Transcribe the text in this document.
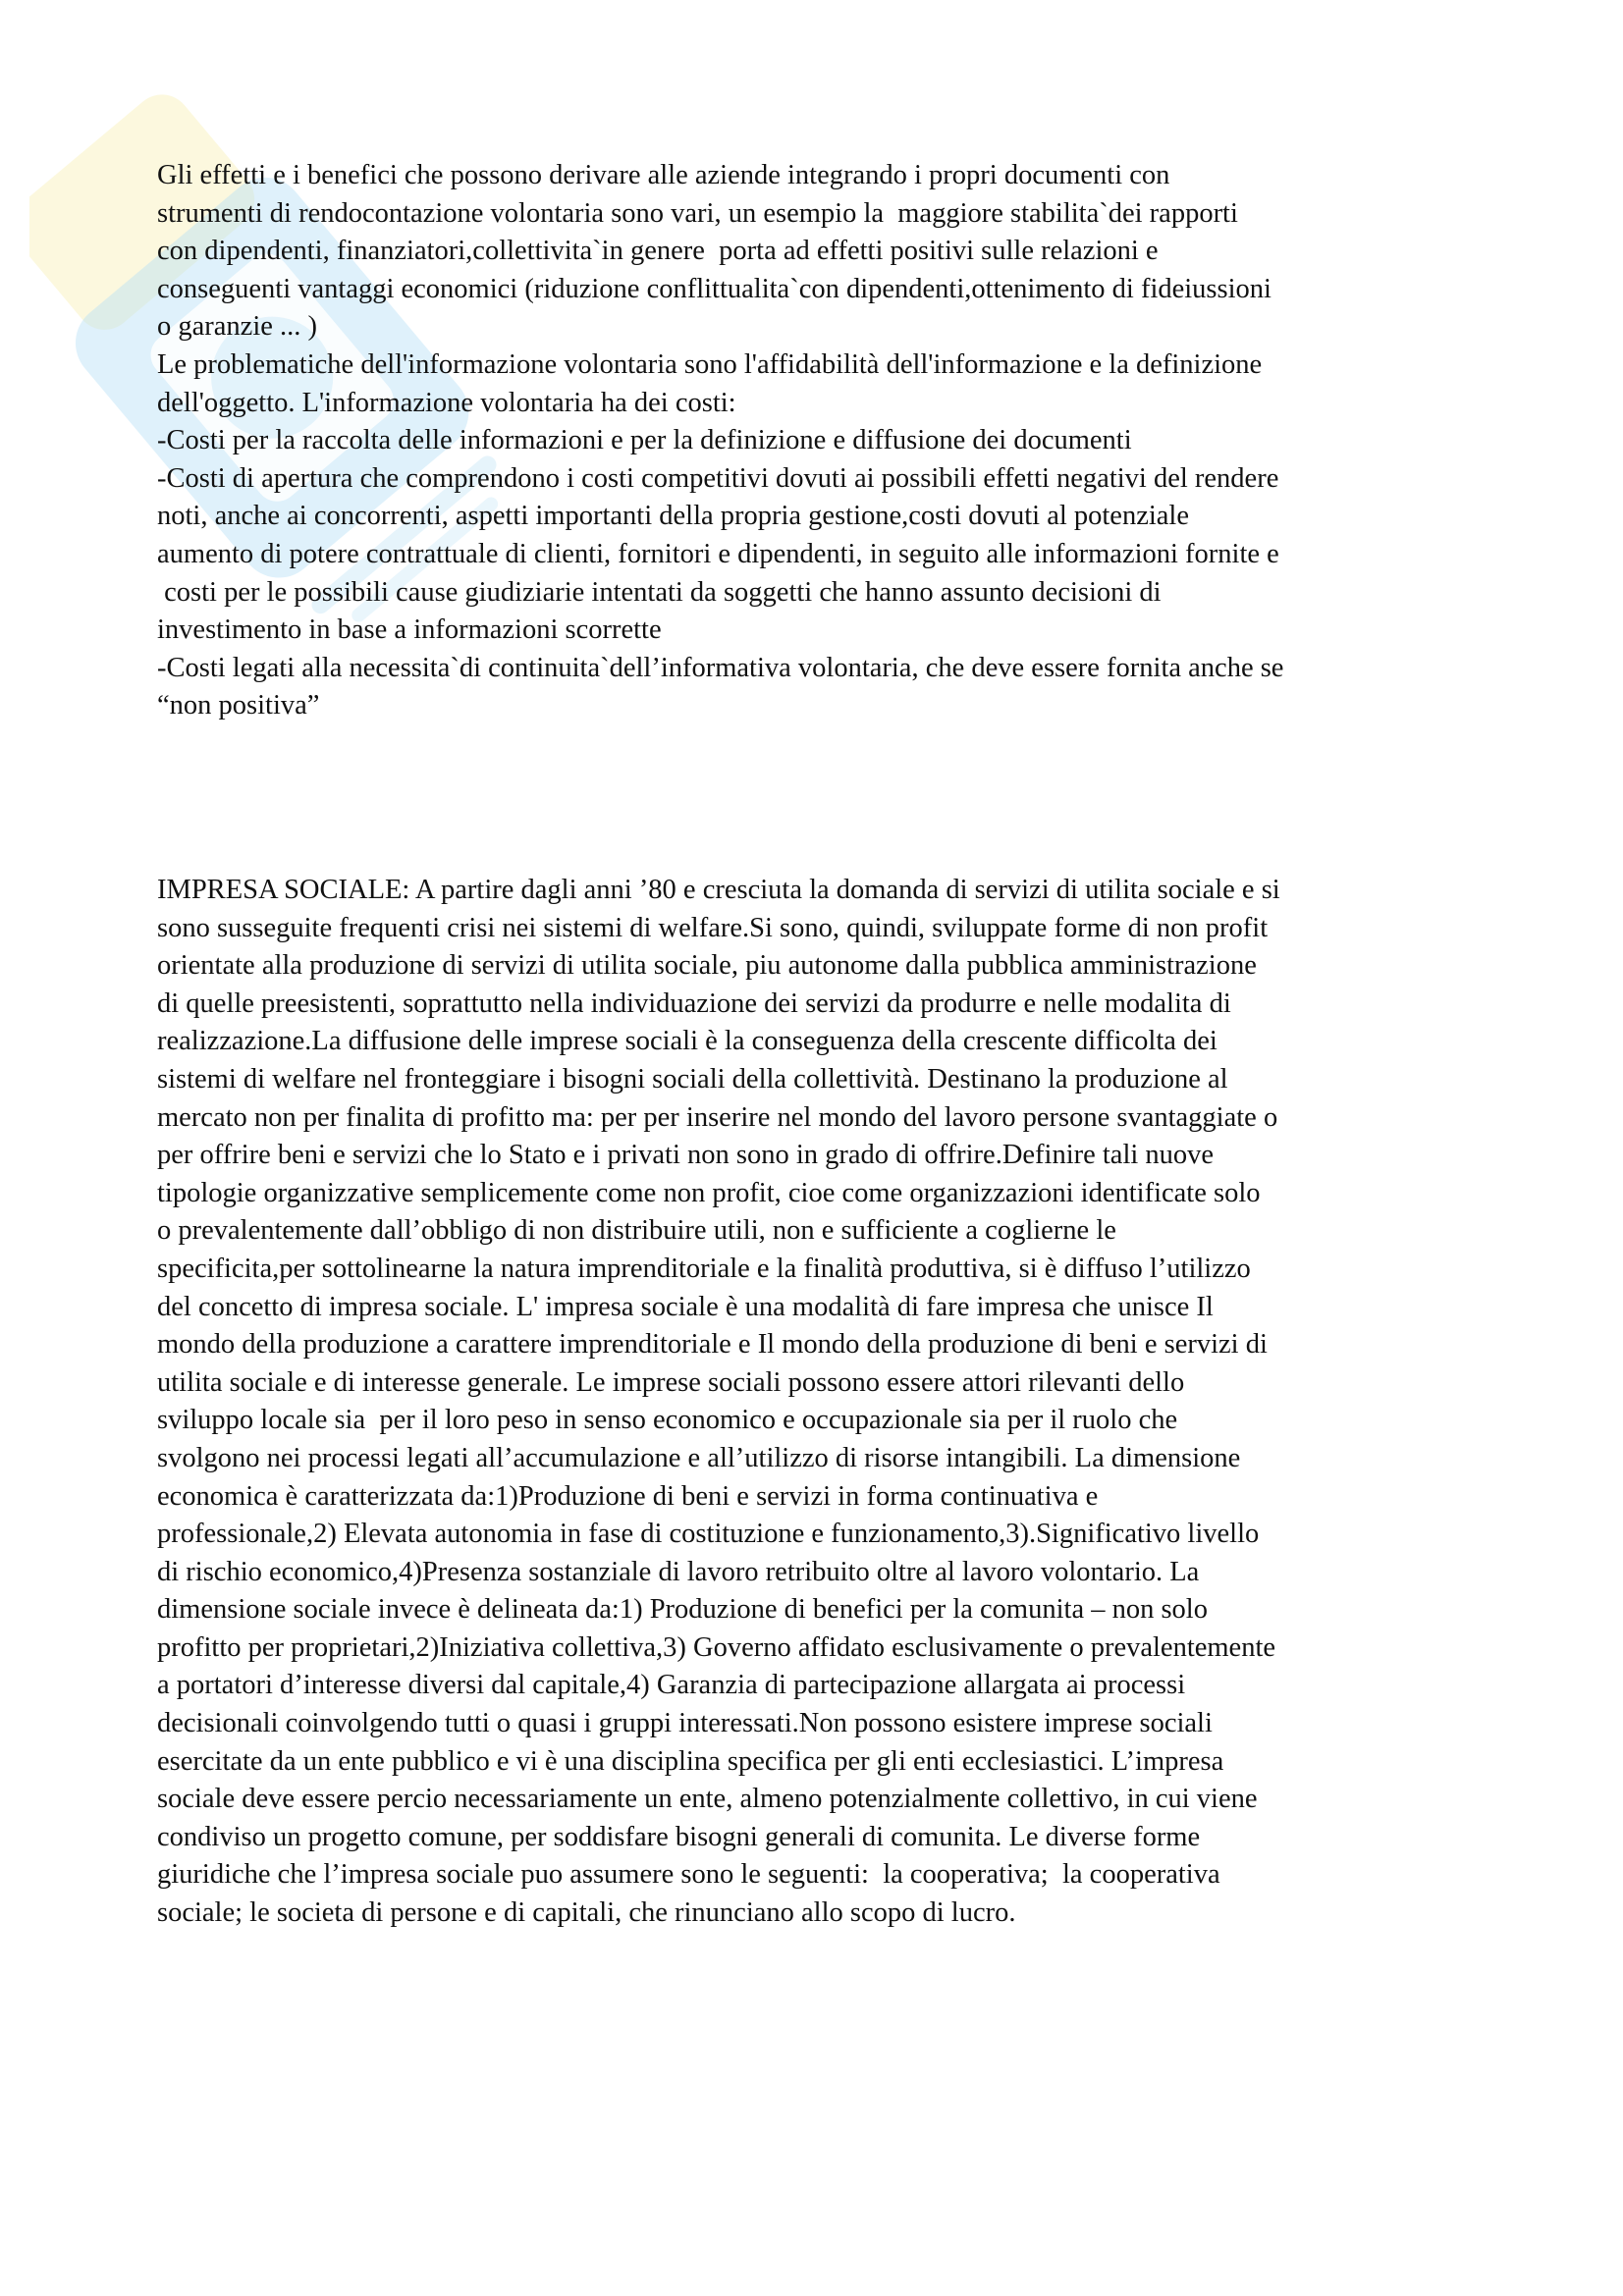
Gli effetti e i benefici che possono derivare alle aziende integrando i propri documenti con
strumenti di rendocontazione volontaria sono vari, un esempio la  maggiore stabilita`dei rapporti
con dipendenti, finanziatori,collettivita`in genere  porta ad effetti positivi sulle relazioni e
conseguenti vantaggi economici (riduzione conflittualita`con dipendenti,ottenimento di fideiussioni
o garanzie ... )
Le problematiche dell'informazione volontaria sono l'affidabilità dell'informazione e la definizione
dell'oggetto. L'informazione volontaria ha dei costi:
-Costi per la raccolta delle informazioni e per la definizione e diffusione dei documenti
-Costi di apertura che comprendono i costi competitivi dovuti ai possibili effetti negativi del rendere
noti, anche ai concorrenti, aspetti importanti della propria gestione,costi dovuti al potenziale
aumento di potere contrattuale di clienti, fornitori e dipendenti, in seguito alle informazioni fornite e
costi per le possibili cause giudiziarie intentati da soggetti che hanno assunto decisioni di
investimento in base a informazioni scorrette
-Costi legati alla necessita`di continuita`dell’informativa volontaria, che deve essere fornita anche se
“non positiva”
IMPRESA SOCIALE: A partire dagli anni ’80 e cresciuta la domanda di servizi di utilita sociale e si
sono susseguite frequenti crisi nei sistemi di welfare.Si sono, quindi, sviluppate forme di non profit
orientate alla produzione di servizi di utilita sociale, piu autonome dalla pubblica amministrazione
di quelle preesistenti, soprattutto nella individuazione dei servizi da produrre e nelle modalita di
realizzazione.La diffusione delle imprese sociali è la conseguenza della crescente difficolta dei
sistemi di welfare nel fronteggiare i bisogni sociali della collettività. Destinano la produzione al
mercato non per finalita di profitto ma: per per inserire nel mondo del lavoro persone svantaggiate o
per offrire beni e servizi che lo Stato e i privati non sono in grado di offrire.Definire tali nuove
tipologie organizzative semplicemente come non profit, cioe come organizzazioni identificate solo
o prevalentemente dall’obbligo di non distribuire utili, non e sufficiente a coglierne le
specificita,per sottolinearne la natura imprenditoriale e la finalità produttiva, si è diffuso l’utilizzo
del concetto di impresa sociale. L' impresa sociale è una modalità di fare impresa che unisce Il
mondo della produzione a carattere imprenditoriale e Il mondo della produzione di beni e servizi di
utilita sociale e di interesse generale. Le imprese sociali possono essere attori rilevanti dello
sviluppo locale sia  per il loro peso in senso economico e occupazionale sia per il ruolo che
svolgono nei processi legati all’accumulazione e all’utilizzo di risorse intangibili. La dimensione
economica è caratterizzata da:1)Produzione di beni e servizi in forma continuativa e
professionale,2) Elevata autonomia in fase di costituzione e funzionamento,3).Significativo livello
di rischio economico,4)Presenza sostanziale di lavoro retribuito oltre al lavoro volontario. La
dimensione sociale invece è delineata da:1) Produzione di benefici per la comunita – non solo
profitto per proprietari,2)Iniziativa collettiva,3) Governo affidato esclusivamente o prevalentemente
a portatori d’interesse diversi dal capitale,4) Garanzia di partecipazione allargata ai processi
decisionali coinvolgendo tutti o quasi i gruppi interessati.Non possono esistere imprese sociali
esercitate da un ente pubblico e vi è una disciplina specifica per gli enti ecclesiastici. L’impresa
sociale deve essere percio necessariamente un ente, almeno potenzialmente collettivo, in cui viene
condiviso un progetto comune, per soddisfare bisogni generali di comunita. Le diverse forme
giuridiche che l’impresa sociale puo assumere sono le seguenti:  la cooperativa;  la cooperativa
sociale; le societa di persone e di capitali, che rinunciano allo scopo di lucro.
